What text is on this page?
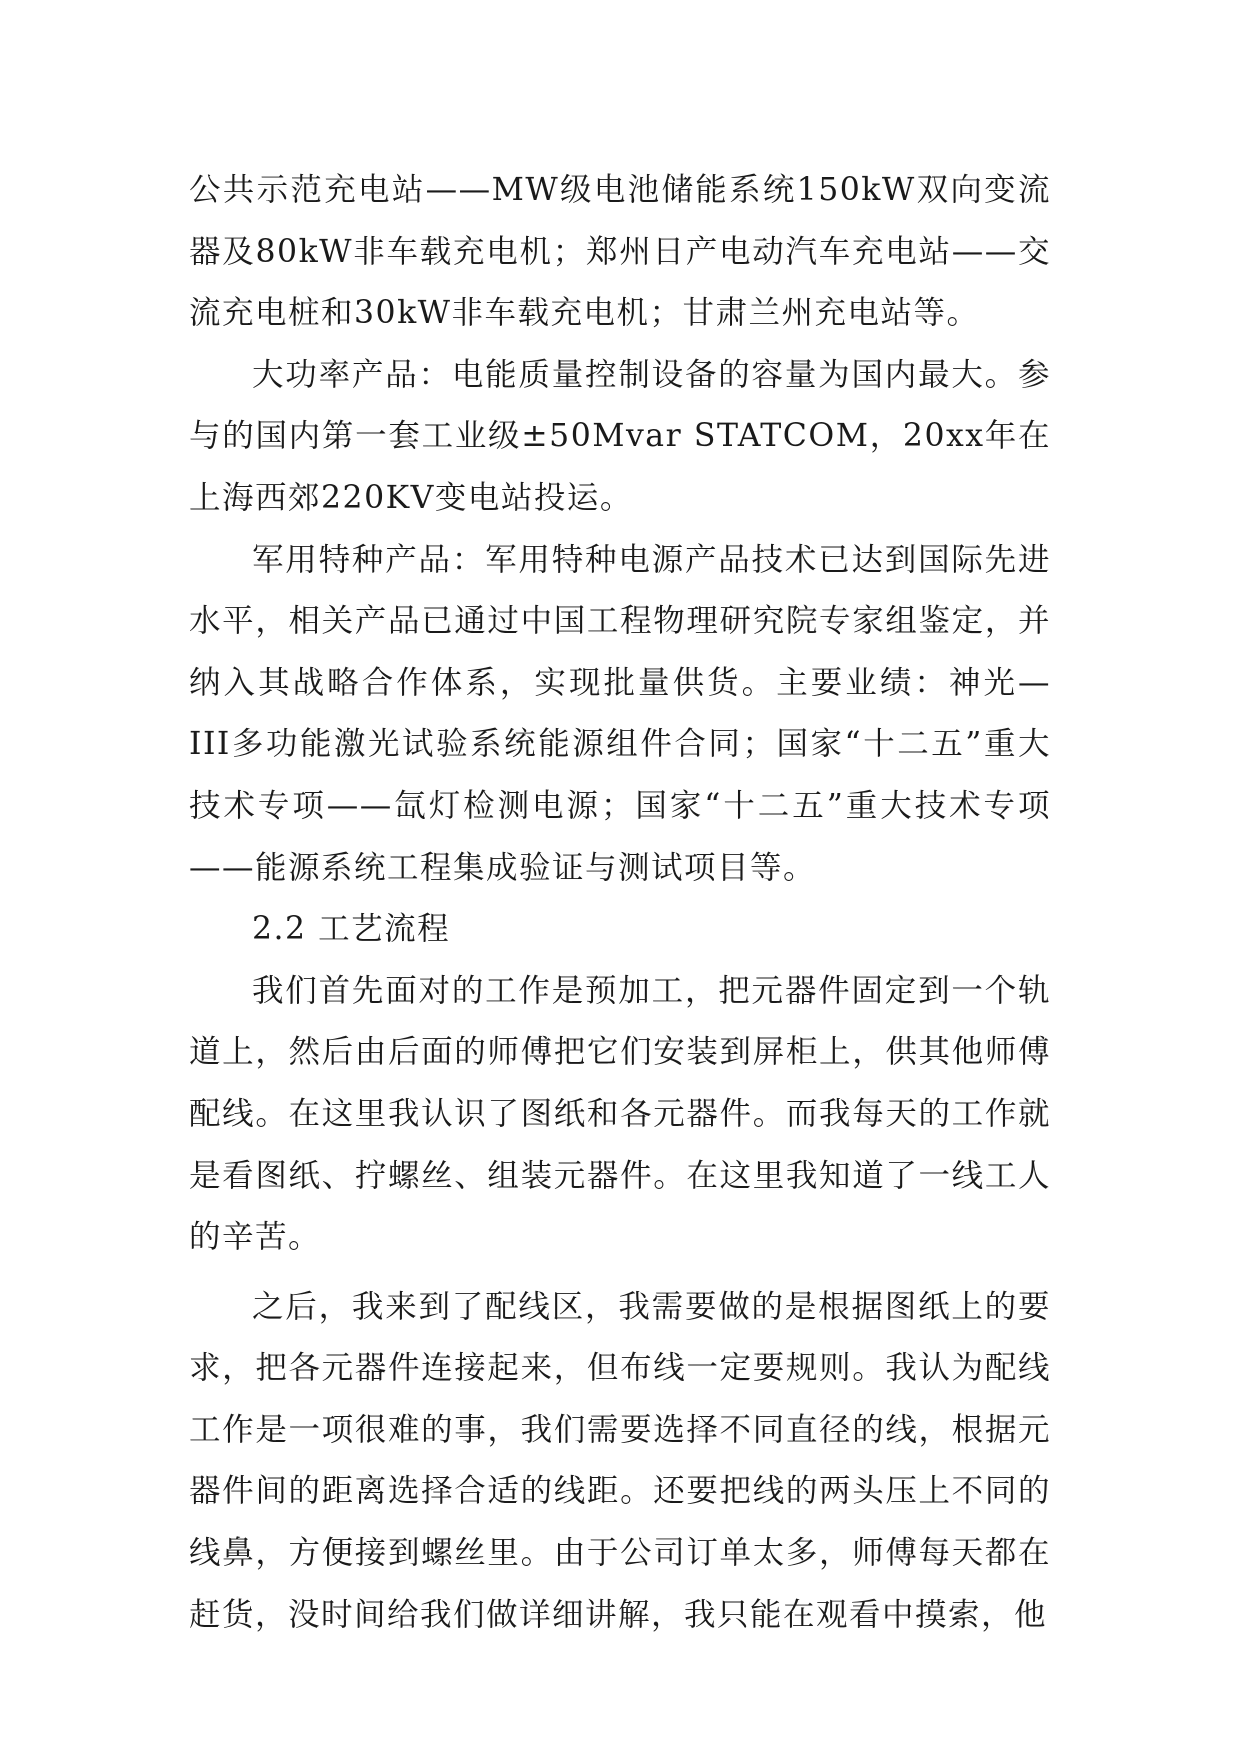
公共示范充电站——MW级电池储能系统150kW双向变流器及80kW非车载充电机；郑州日产电动汽车充电站——交流充电桩和30kW非车载充电机；甘肃兰州充电站等。

大功率产品：电能质量控制设备的容量为国内最大。参与的国内第一套工业级±50Mvar STATCOM，20xx年在上海西郊220KV变电站投运。

军用特种产品：军用特种电源产品技术已达到国际先进水平，相关产品已通过中国工程物理研究院专家组鉴定，并纳入其战略合作体系，实现批量供货。主要业绩：神光—III多功能激光试验系统能源组件合同；国家“十二五”重大技术专项——氙灯检测电源；国家“十二五”重大技术专项——能源系统工程集成验证与测试项目等。

2.2 工艺流程

我们首先面对的工作是预加工，把元器件固定到一个轨道上，然后由后面的师傅把它们安装到屏柜上，供其他师傅配线。在这里我认识了图纸和各元器件。而我每天的工作就是看图纸、拧螺丝、组装元器件。在这里我知道了一线工人的辛苦。

之后，我来到了配线区，我需要做的是根据图纸上的要求，把各元器件连接起来，但布线一定要规则。我认为配线工作是一项很难的事，我们需要选择不同直径的线，根据元器件间的距离选择合适的线距。还要把线的两头压上不同的线鼻，方便接到螺丝里。由于公司订单太多，师傅每天都在赶货，没时间给我们做详细讲解，我只能在观看中摸索，他
